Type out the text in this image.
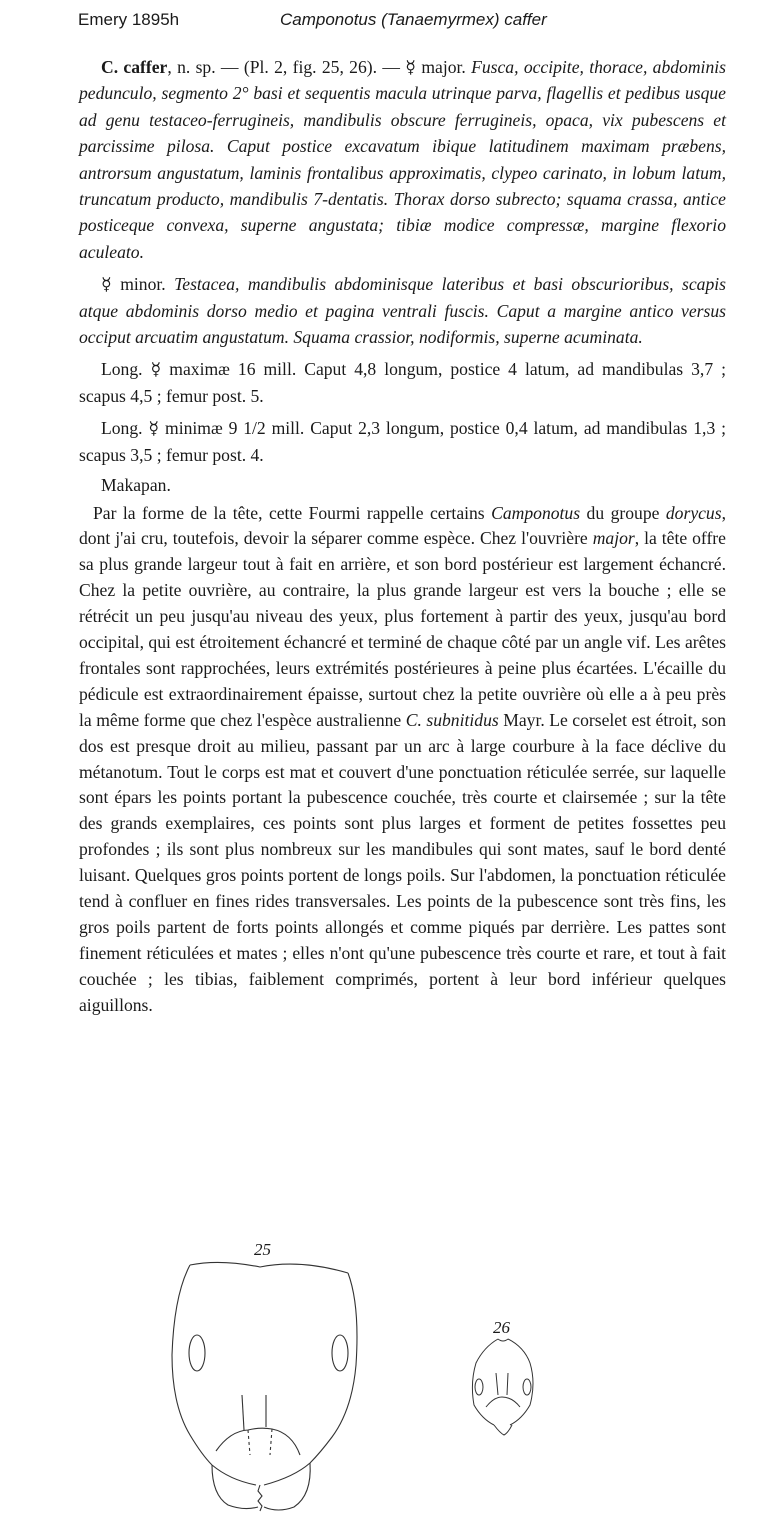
Emery 1895h	Camponotus (Tanaemyrmex) caffer

C. caffer, n. sp. — (Pl. 2, fig. 25, 26). — ☿ major. Fusca, occipite, thorace, abdominis pedunculo, segmento 2° basi et sequentis macula utrinque parva, flagellis et pedibus usque ad genu testaceo-ferrugineis, mandibulis obscure ferrugineis, opaca, vix pubescens et parcissime pilosa. Caput postice excavatum ibique latitudinem maximam præbens, antrorsum angustatum, laminis frontalibus approximatis, clypeo carinato, in lobum latum, truncatum producto, mandibulis 7-dentatis. Thorax dorso subrecto; squama crassa, antice posticeque convexa, superne angustata; tibiæ modice compressæ, margine flexorio aculeato.

☿ minor. Testacea, mandibulis abdominisque lateribus et basi obscurioribus, scapis atque abdominis dorso medio et pagina ventrali fuscis. Caput a margine antico versus occiput arcuatim angustatum. Squama crassior, nodiformis, superne acuminata.

Long. ☿ maximæ 16 mill. Caput 4,8 longum, postice 4 latum, ad mandibulas 3,7 ; scapus 4,5 ; femur post. 5.

Long. ☿ minimæ 9 1/2 mill. Caput 2,3 longum, postice 0,4 latum, ad mandibulas 1,3 ; scapus 3,5 ; femur post. 4.

Makapan.

Par la forme de la tête, cette Fourmi rappelle certains Camponotus du groupe dorycus, dont j'ai cru, toutefois, devoir la séparer comme espèce. Chez l'ouvrière major, la tête offre sa plus grande largeur tout à fait en arrière, et son bord postérieur est largement échancré. Chez la petite ouvrière, au contraire, la plus grande largeur est vers la bouche ; elle se rétrécit un peu jusqu'au niveau des yeux, plus fortement à partir des yeux, jusqu'au bord occipital, qui est étroitement échancré et terminé de chaque côté par un angle vif. Les arêtes frontales sont rapprochées, leurs extrémités postérieures à peine plus écartées. L'écaille du pédicule est extraordinairement épaisse, surtout chez la petite ouvrière où elle a à peu près la même forme que chez l'espèce australienne C. subnitidus Mayr. Le corselet est étroit, son dos est presque droit au milieu, passant par un arc à large courbure à la face déclive du métanotum. Tout le corps est mat et couvert d'une ponctuation réticulée serrée, sur laquelle sont épars les points portant la pubescence couchée, très courte et clairsemée ; sur la tête des grands exemplaires, ces points sont plus larges et forment de petites fossettes peu profondes ; ils sont plus nombreux sur les mandibules qui sont mates, sauf le bord denté luisant. Quelques gros points portent de longs poils. Sur l'abdomen, la ponctuation réticulée tend à confluer en fines rides transversales. Les points de la pubescence sont très fins, les gros poils partent de forts points allongés et comme piqués par derrière. Les pattes sont finement réticulées et mates ; elles n'ont qu'une pubescence très courte et rare, et tout à fait couchée ; les tibias, faiblement comprimés, portent à leur bord inférieur quelques aiguillons.

25
26
